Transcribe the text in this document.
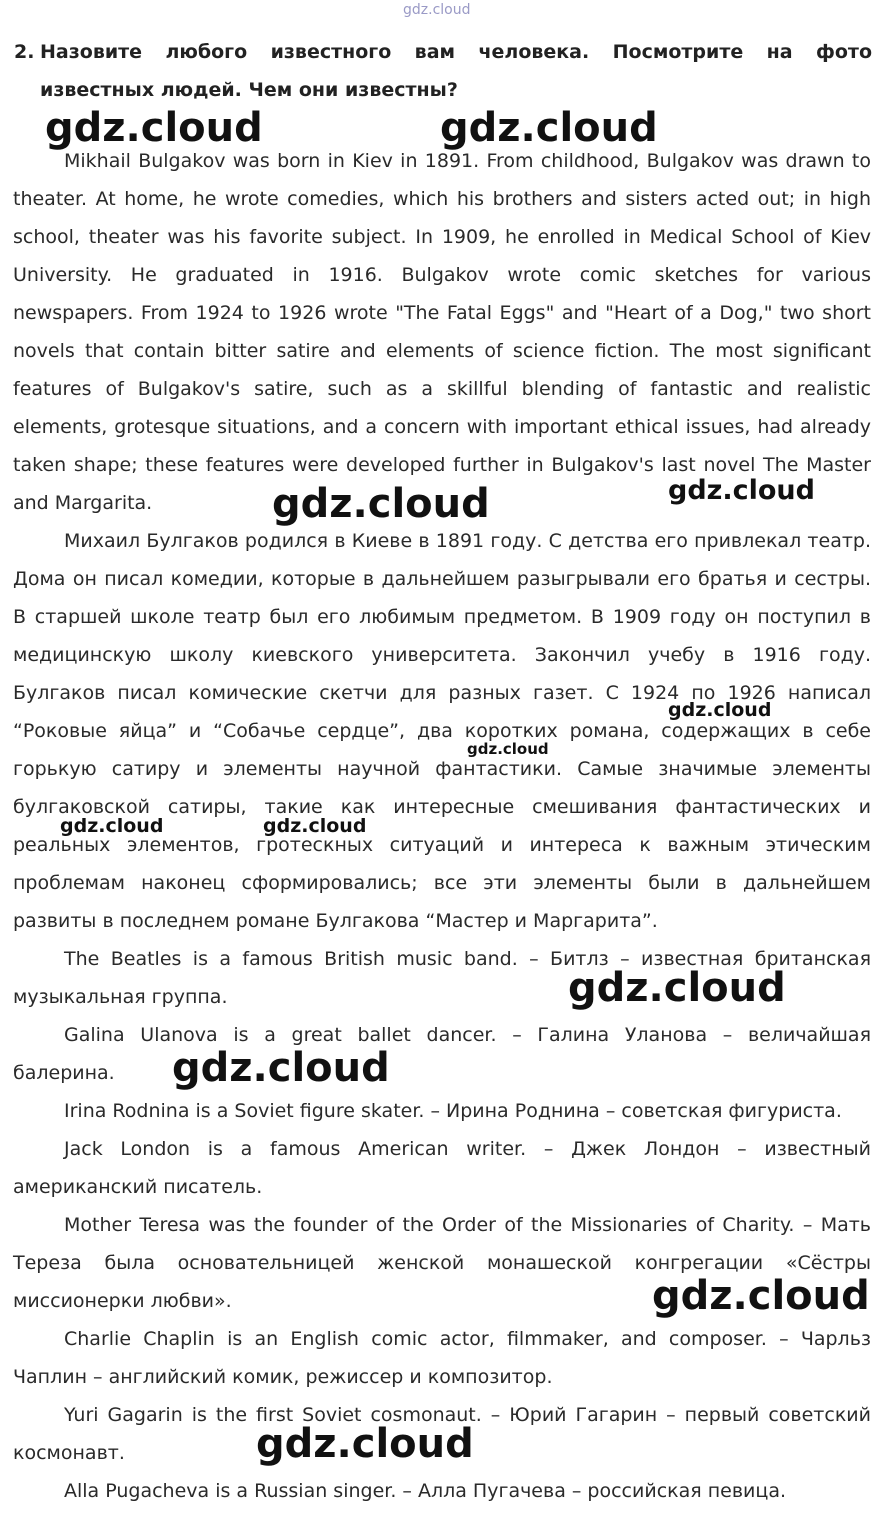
gdz.cloud
2. Назовите любого известного вам человека. Посмотрите на фото известных людей. Чем они известны?

Mikhail Bulgakov was born in Kiev in 1891. From childhood, Bulgakov was drawn to theater. At home, he wrote comedies, which his brothers and sisters acted out; in high school, theater was his favorite subject. In 1909, he enrolled in Medical School of Kiev University. He graduated in 1916. Bulgakov wrote comic sketches for various newspapers. From 1924 to 1926 wrote "The Fatal Eggs" and "Heart of a Dog," two short novels that contain bitter satire and elements of science fiction. The most significant features of Bulgakov's satire, such as a skillful blending of fantastic and realistic elements, grotesque situations, and a concern with important ethical issues, had already taken shape; these features were developed further in Bulgakov's last novel The Master and Margarita.

Михаил Булгаков родился в Киеве в 1891 году. С детства его привлекал театр. Дома он писал комедии, которые в дальнейшем разыгрывали его братья и сестры. В старшей школе театр был его любимым предметом. В 1909 году он поступил в медицинскую школу киевского университета. Закончил учебу в 1916 году. Булгаков писал комические скетчи для разных газет. С 1924 по 1926 написал “Роковые яйца” и “Собачье сердце”, два коротких романа, содержащих в себе горькую сатиру и элементы научной фантастики. Самые значимые элементы булгаковской сатиры, такие как интересные смешивания фантастических и реальных элементов, гротескных ситуаций и интереса к важным этическим проблемам наконец сформировались; все эти элементы были в дальнейшем развиты в последнем романе Булгакова “Мастер и Маргарита”.

The Beatles is a famous British music band. – Битлз – известная британская музыкальная группа.

Galina Ulanova is a great ballet dancer. – Галина Уланова – величайшая балерина.

Irina Rodnina is a Soviet figure skater. – Ирина Роднина – советская фигуриста.

Jack London is a famous American writer. – Джек Лондон – известный американский писатель.

Mother Teresa was the founder of the Order of the Missionaries of Charity. – Мать Тереза была основательницей женской монашеской конгрегации «Сёстры миссионерки любви».

Charlie Chaplin is an English comic actor, filmmaker, and composer. – Чарльз Чаплин – английский комик, режиссер и композитор.

Yuri Gagarin is the first Soviet cosmonaut. – Юрий Гагарин – первый советский космонавт.

Alla Pugacheva is a Russian singer. – Алла Пугачева – российская певица.

gdz.cloud	gdz.cloud
gdz.cloud	gdz.cloud
gdz.cloud
gdz.cloud
gdz.cloud	gdz.cloud
gdz.cloud
gdz.cloud
gdz.cloud
gdz.cloud
